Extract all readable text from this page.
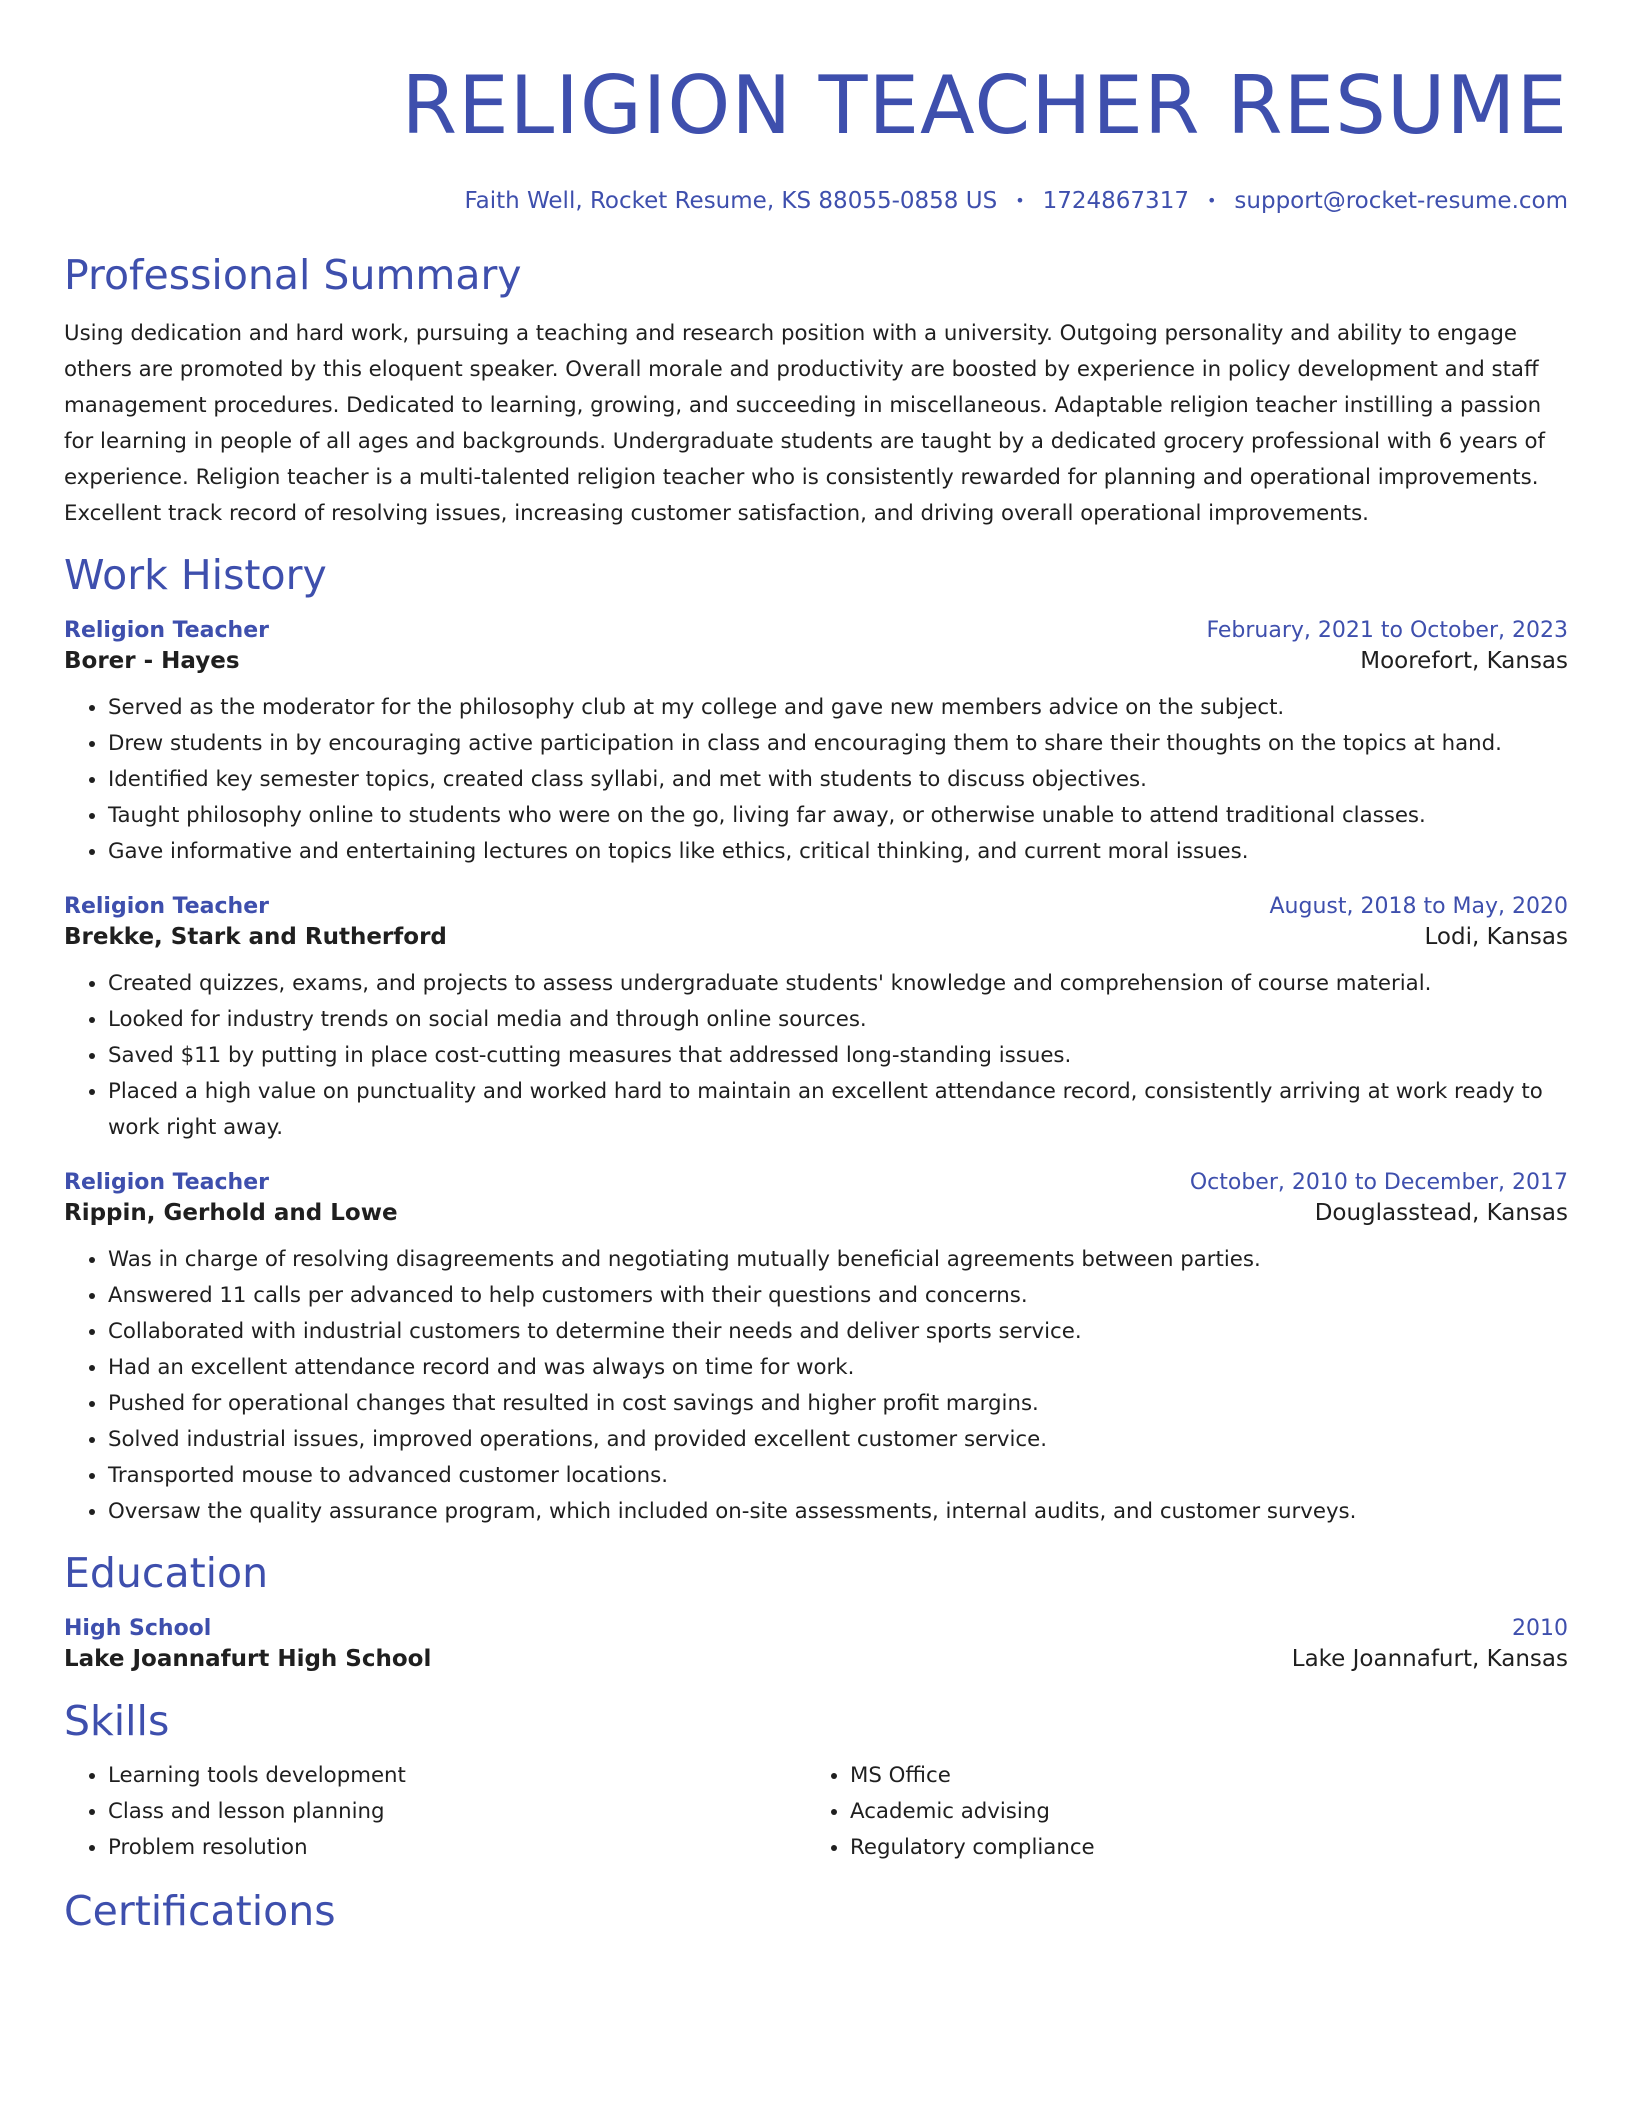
RELIGION TEACHER RESUME
Faith Well, Rocket Resume, KS 88055-0858 US • 1724867317 • support@rocket-resume.com
Professional Summary
Using dedication and hard work, pursuing a teaching and research position with a university. Outgoing personality and ability to engage others are promoted by this eloquent speaker. Overall morale and productivity are boosted by experience in policy development and staff management procedures. Dedicated to learning, growing, and succeeding in miscellaneous. Adaptable religion teacher instilling a passion for learning in people of all ages and backgrounds. Undergraduate students are taught by a dedicated grocery professional with 6 years of experience. Religion teacher is a multi-talented religion teacher who is consistently rewarded for planning and operational improvements. Excellent track record of resolving issues, increasing customer satisfaction, and driving overall operational improvements.
Work History
Religion Teacher	February, 2021 to October, 2023
Borer - Hayes	Moorefort, Kansas
• Served as the moderator for the philosophy club at my college and gave new members advice on the subject.
• Drew students in by encouraging active participation in class and encouraging them to share their thoughts on the topics at hand.
• Identified key semester topics, created class syllabi, and met with students to discuss objectives.
• Taught philosophy online to students who were on the go, living far away, or otherwise unable to attend traditional classes.
• Gave informative and entertaining lectures on topics like ethics, critical thinking, and current moral issues.
Religion Teacher	August, 2018 to May, 2020
Brekke, Stark and Rutherford	Lodi, Kansas
• Created quizzes, exams, and projects to assess undergraduate students' knowledge and comprehension of course material.
• Looked for industry trends on social media and through online sources.
• Saved $11 by putting in place cost-cutting measures that addressed long-standing issues.
• Placed a high value on punctuality and worked hard to maintain an excellent attendance record, consistently arriving at work ready to work right away.
Religion Teacher	October, 2010 to December, 2017
Rippin, Gerhold and Lowe	Douglasstead, Kansas
• Was in charge of resolving disagreements and negotiating mutually beneficial agreements between parties.
• Answered 11 calls per advanced to help customers with their questions and concerns.
• Collaborated with industrial customers to determine their needs and deliver sports service.
• Had an excellent attendance record and was always on time for work.
• Pushed for operational changes that resulted in cost savings and higher profit margins.
• Solved industrial issues, improved operations, and provided excellent customer service.
• Transported mouse to advanced customer locations.
• Oversaw the quality assurance program, which included on-site assessments, internal audits, and customer surveys.
Education
High School	2010
Lake Joannafurt High School	Lake Joannafurt, Kansas
Skills
• Learning tools development
• Class and lesson planning
• Problem resolution
• MS Office
• Academic advising
• Regulatory compliance
Certifications
